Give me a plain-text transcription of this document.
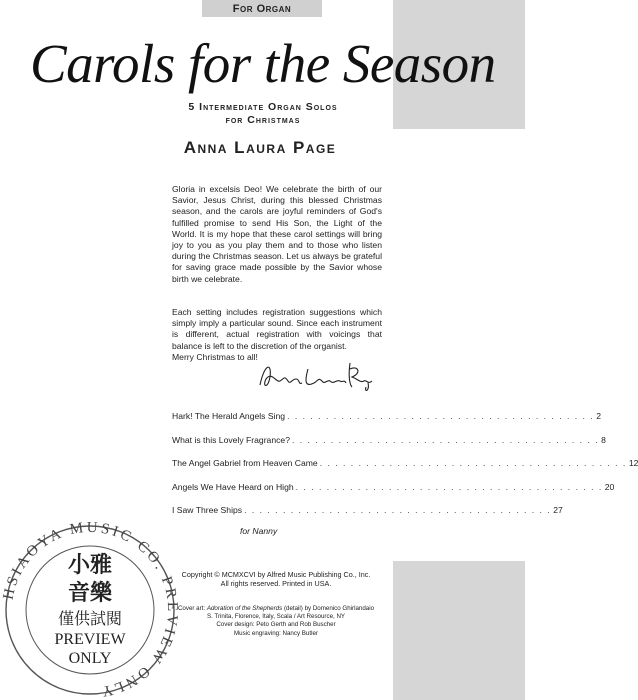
For Organ
Carols for the Season
5 Intermediate Organ Solos
for Christmas
Anna Laura Page
Gloria in excelsis Deo! We celebrate the birth of our Savior, Jesus Christ, during this blessed Christmas season, and the carols are joyful reminders of God's fulfilled promise to send His Son, the Light of the World. It is my hope that these carol settings will bring joy to you as you play them and to those who listen during the Christmas season. Let us always be grateful for saving grace made possible by the Savior whose birth we celebrate.
Each setting includes registration suggestions which simply imply a particular sound. Since each instrument is different, actual registration with voicings that balance is left to the discretion of the organist.
Merry Christmas to all!
Anna Laura Page
Hark! The Herald Angels Sing . . . . . . . . . . . . . . . . . . . . . . . . . . . . . . . . . . . . . . . . 2
What is this Lovely Fragrance? . . . . . . . . . . . . . . . . . . . . . . . . . . . . . . . . . . . . . . . . 8
The Angel Gabriel from Heaven Came . . . . . . . . . . . . . . . . . . . . . . . . . . . . . . . . . . . . . . . . 12
Angels We Have Heard on High . . . . . . . . . . . . . . . . . . . . . . . . . . . . . . . . . . . . . . . . 20
I Saw Three Ships . . . . . . . . . . . . . . . . . . . . . . . . . . . . . . . . . . . . . . . . 27
for Nanny
Copyright © MCMXCVI by Alfred Music Publishing Co., Inc.
All rights reserved. Printed in USA.
Cover art: Adoration of the Shepherds (detail) by Domenico Ghirlandaio
S. Trinita, Florence, Italy, Scala / Art Resource, NY
Cover design: Peto Gerth and Rob Buscher
Music engraving: Nancy Butler
HSIAOYA MUSIC CO. PREVIEW ONLY
小雅
音樂
僅供試閱
PREVIEW
ONLY
